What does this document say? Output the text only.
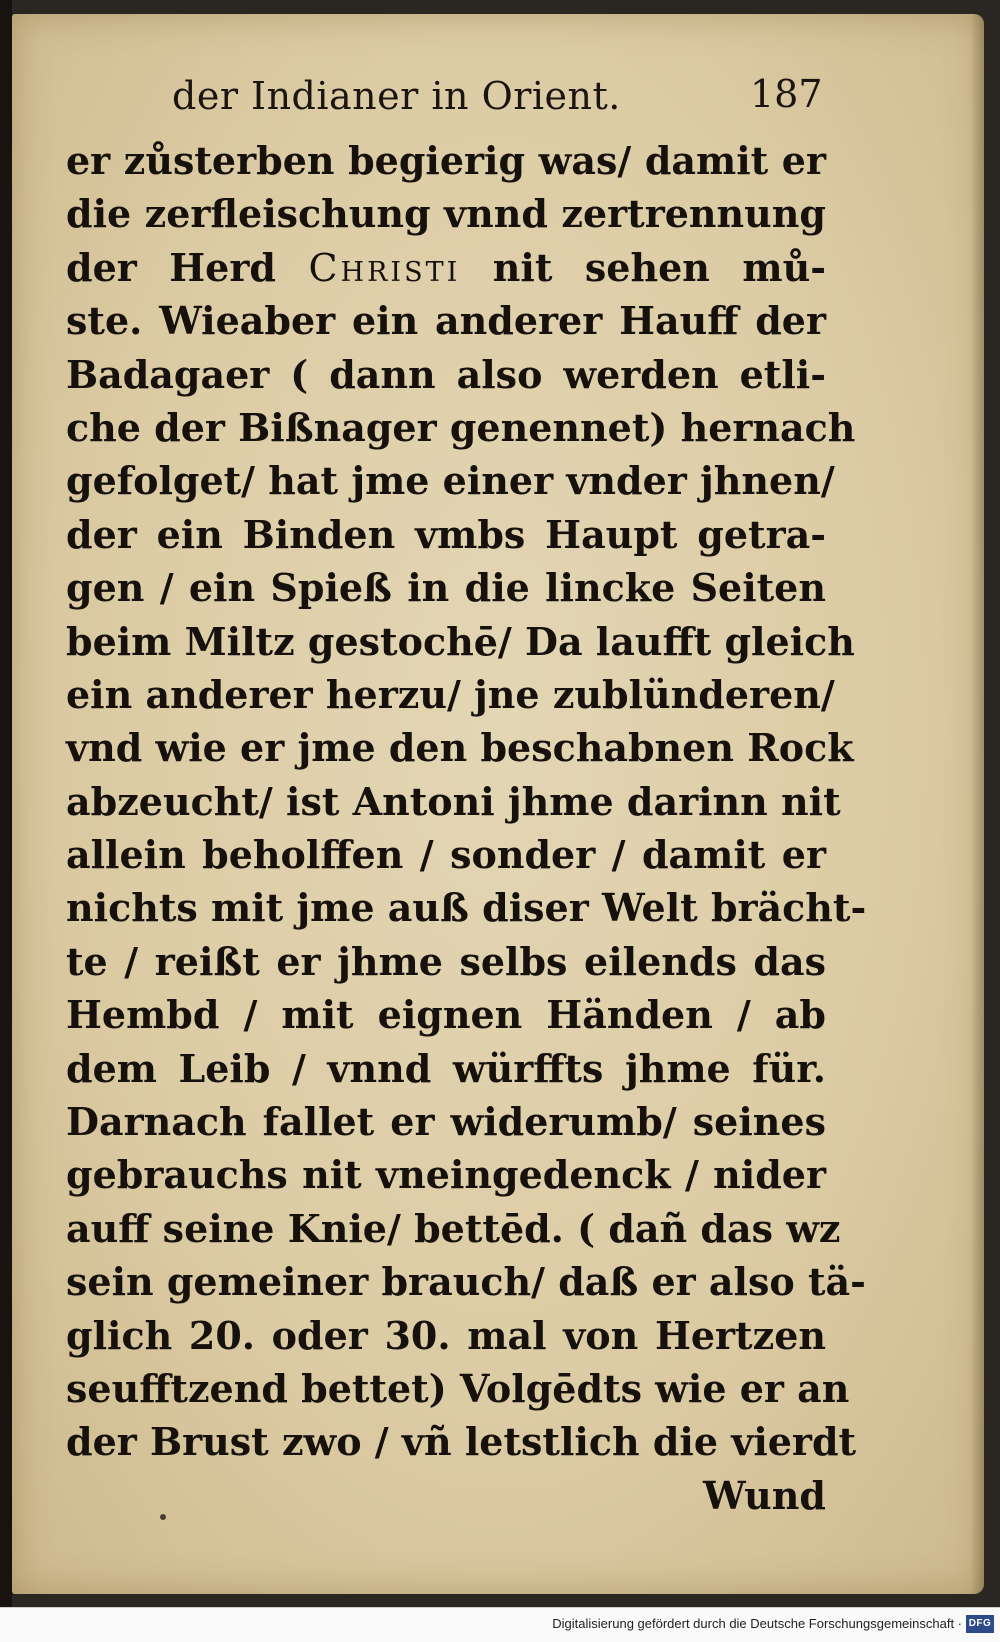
der Indianer in Orient.	187
er zůsterben begierig was/ damit er
die zerfleischung vnnd zertrennung
der Herd Christi nit sehen mů-
ste. Wieaber ein anderer Hauff der
Badagaer ( dann also werden etli-
che der Bißnager genennet) hernach
gefolget/ hat jme einer vnder jhnen/
der ein Binden vmbs Haupt getra-
gen / ein Spieß in die lincke Seiten
beim Miltz gestochē/ Da laufft gleich
ein anderer herzu/ jne zublünderen/
vnd wie er jme den beschabnen Rock
abzeucht/ ist Antoni jhme darinn nit
allein beholffen / sonder / damit er
nichts mit jme auß diser Welt brächt-
te / reißt er jhme selbs eilends das
Hembd / mit eignen Händen / ab
dem Leib / vnnd würffts jhme für.
Darnach fallet er widerumb/ seines
gebrauchs nit vneingedenck / nider
auff seine Knie/ bettēd. ( dañ das wz
sein gemeiner brauch/ daß er also tä-
glich 20. oder 30. mal von Hertzen
seufftzend bettet) Volgēdts wie er an
der Brust zwo / vñ letstlich die vierdt
Wund
Digitalisierung gefördert durch die Deutsche Forschungsgemeinschaft · DFG
